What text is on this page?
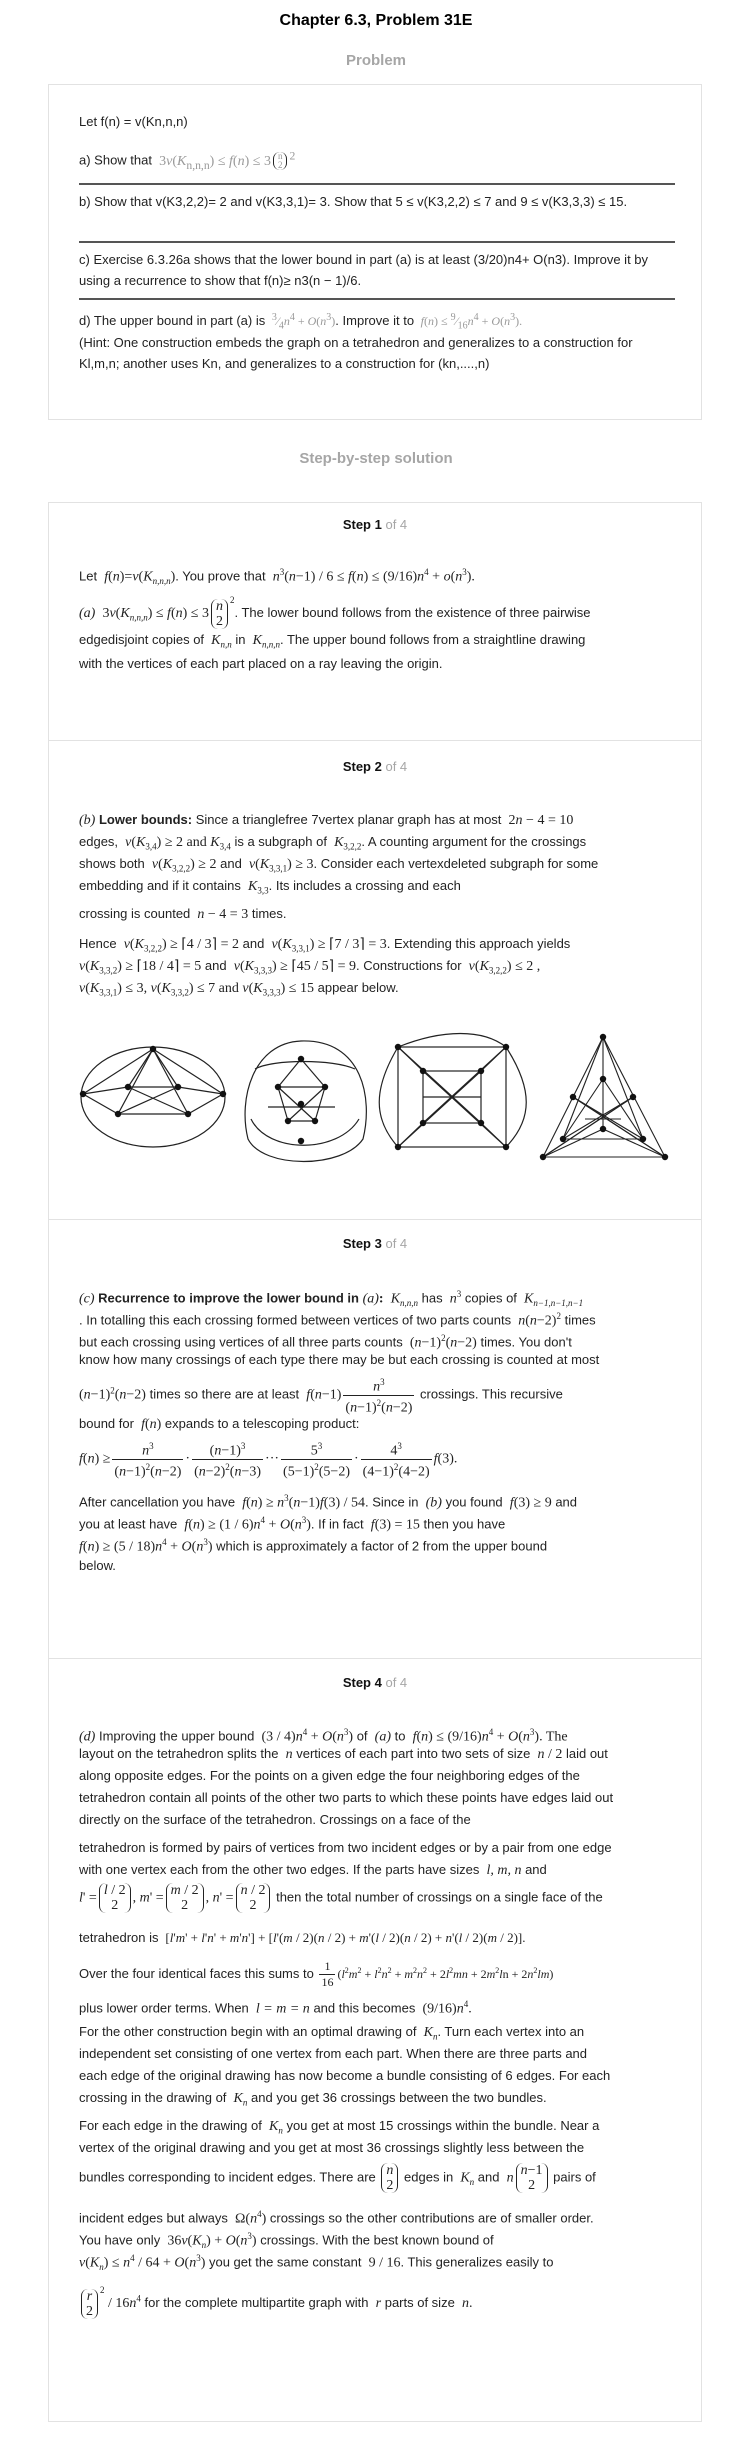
Chapter 6.3, Problem 31E
Problem
Let f(n) = v(Kn,n,n)
a) Show that  $3v(K_{n,n,n}) \le f(n) \le 3$ n
2
$^2$
b) Show that v(K3,2,2)= 2 and v(K3,3,1)= 3. Show that 5 ≤ v(K3,2,2) ≤ 7 and 9 ≤ v(K3,3,3) ≤ 15.
c) Exercise 6.3.26a shows that the lower bound in part (a) is at least (3/20)n4+ O(n3). Improve it by using a recurrence to show that f(n)≥ n3(n − 1)/6.
d) The upper bound in part (a) is $^3⁄_4n^4 + O(n^3)$. Improve it to $f(n) \le ^9⁄_{16}n^4 + O(n^3)$.
(Hint: One construction embeds the graph on a tetrahedron and generalizes to a construction for Kl,m,n; another uses Kn, and generalizes to a construction for (kn,....,n)
Step-by-step solution
Step 1 of 4
Let  $f(n)=v(K_{n,n,n})$. You prove that  $n^3(n-1) / 6 \le f(n) \le (9/16)n^4 + o(n^3)$.
(a)  $3v(K_{n,n,n}) \le f(n) \le 3$ n
2
$^2$. The lower bound follows from the existence of three pairwise
edgedisjoint copies of  $K_{n,n}$ in  $K_{n,n,n}$. The upper bound follows from a straightline drawing
with the vertices of each part placed on a ray leaving the origin.
Step 2 of 4
(b) Lower bounds: Since a trianglefree 7vertex planar graph has at most  2n − 4 = 10
edges,  $v(K_{3,4}) \ge 2$ and $K_{3,4}$ is a subgraph of  $K_{3,2,2}$. A counting argument for the crossings
shows both  $v(K_{3,2,2}) \ge 2$ and  $v(K_{3,3,1}) \ge 3$. Consider each vertexdeleted subgraph for some
embedding and if it contains  $K_{3,3}$. Its includes a crossing and each
crossing is counted  n − 4 = 3 times.
Hence  $v(K_{3,2,2})$ ≥ ⌈4 / 3⌉ = 2 and  $v(K_{3,3,1})$ ≥ ⌈7 / 3⌉ = 3. Extending this approach yields
$v(K_{3,3,2})$ ≥ ⌈18 / 4⌉ = 5 and  $v(K_{3,3,3})$ ≥ ⌈45 / 5⌉ = 9. Constructions for  $v(K_{3,2,2}) \le 2$ ,
$v(K_{3,3,1}) \le 3$, $v(K_{3,3,2}) \le 7$ and $v(K_{3,3,3}) \le 15$ appear below.
Step 3 of 4
(c) Recurrence to improve the lower bound in (a):  $K_{n,n,n}$ has  $n^3$ copies of  $K_{n-1,n-1,n-1}$
. In totalling this each crossing formed between vertices of two parts counts  $n(n-2)^2$ times
but each crossing using vertices of all three parts counts  $(n-1)^2(n-2)$ times. You don't
know how many crossings of each type there may be but each crossing is counted at most
$(n-1)^2(n-2)$ times so there are at least  $f(n-1) \frac{n^3}{(n-1)^2(n-2)}$ crossings. This recursive
bound for  f(n) expands to a telescoping product:
$f(n) \ge \frac{n^3}{(n-1)^2(n-2)} \cdot \frac{(n-1)^3}{(n-2)^2(n-3)}$ ··· $\frac{5^3}{(5-1)^2(5-2)} \cdot \frac{4^3}{(4-1)^2(4-2)} f(3)$.
After cancellation you have  $f(n) \ge n^3(n-1)f(3) / 54$. Since in  (b) you found  f(3) ≥ 9 and
you at least have  $f(n) \ge (1 / 6)n^4 + O(n^3)$. If in fact  f(3) = 15 then you have
$f(n) \ge (5 / 18)n^4 + O(n^3)$ which is approximately a factor of 2 from the upper bound
below.
Step 4 of 4
(d) Improving the upper bound  $(3 / 4)n^4 + O(n^3)$ of  (a) to  $f(n) \le (9/16)n^4 + O(n^3)$. The
layout on the tetrahedron splits the  n vertices of each part into two sets of size  n / 2 laid out
along opposite edges. For the points on a given edge the four neighboring edges of the
tetrahedron contain all points of the other two parts to which these points have edges laid out
directly on the surface of the tetrahedron. Crossings on a face of the
tetrahedron is formed by pairs of vertices from two incident edges or by a pair from one edge
with one vertex each from the other two edges. If the parts have sizes  l, m, n and
l' = l / 2
2
, m' = m / 2
2
, n' = n / 2
2
then the total number of crossings on a single face of the
tetrahedron is  [l'm' + l'n' + m'n'] + [l'(m / 2)(n / 2) + m'(l / 2)(n / 2) + n'(l / 2)(m / 2)].
Over the four identical faces this sums to $\frac{1}{16} (l^2m^2 + l^2n^2 + m^2n^2 + 2l^2mn + 2m^2\ln + 2n^2lm)$
plus lower order terms. When  l = m = n and this becomes  $(9/16)n^4$.
For the other construction begin with an optimal drawing of  $K_n$. Turn each vertex into an
independent set consisting of one vertex from each part. When there are three parts and
each edge of the original drawing has now become a bundle consisting of 6 edges. For each
crossing in the drawing of  $K_n$ and you get 36 crossings between the two bundles.
For each edge in the drawing of  $K_n$ you get at most 15 crossings within the bundle. Near a
vertex of the original drawing and you get at most 36 crossings slightly less between the
bundles corresponding to incident edges. There are n
2
edges in  $K_n$ and  n n−1
2
pairs of
incident edges but always  $\Omega(n^4)$ crossings so the other contributions are of smaller order.
You have only  $36v(K_n) + O(n^3)$ crossings. With the best known bound of
$v(K_n) \le n^4 / 64 + O(n^3)$ you get the same constant  9 / 16. This generalizes easily to
r
2
$^2 / 16n^4$ for the complete multipartite graph with  r parts of size  n.
